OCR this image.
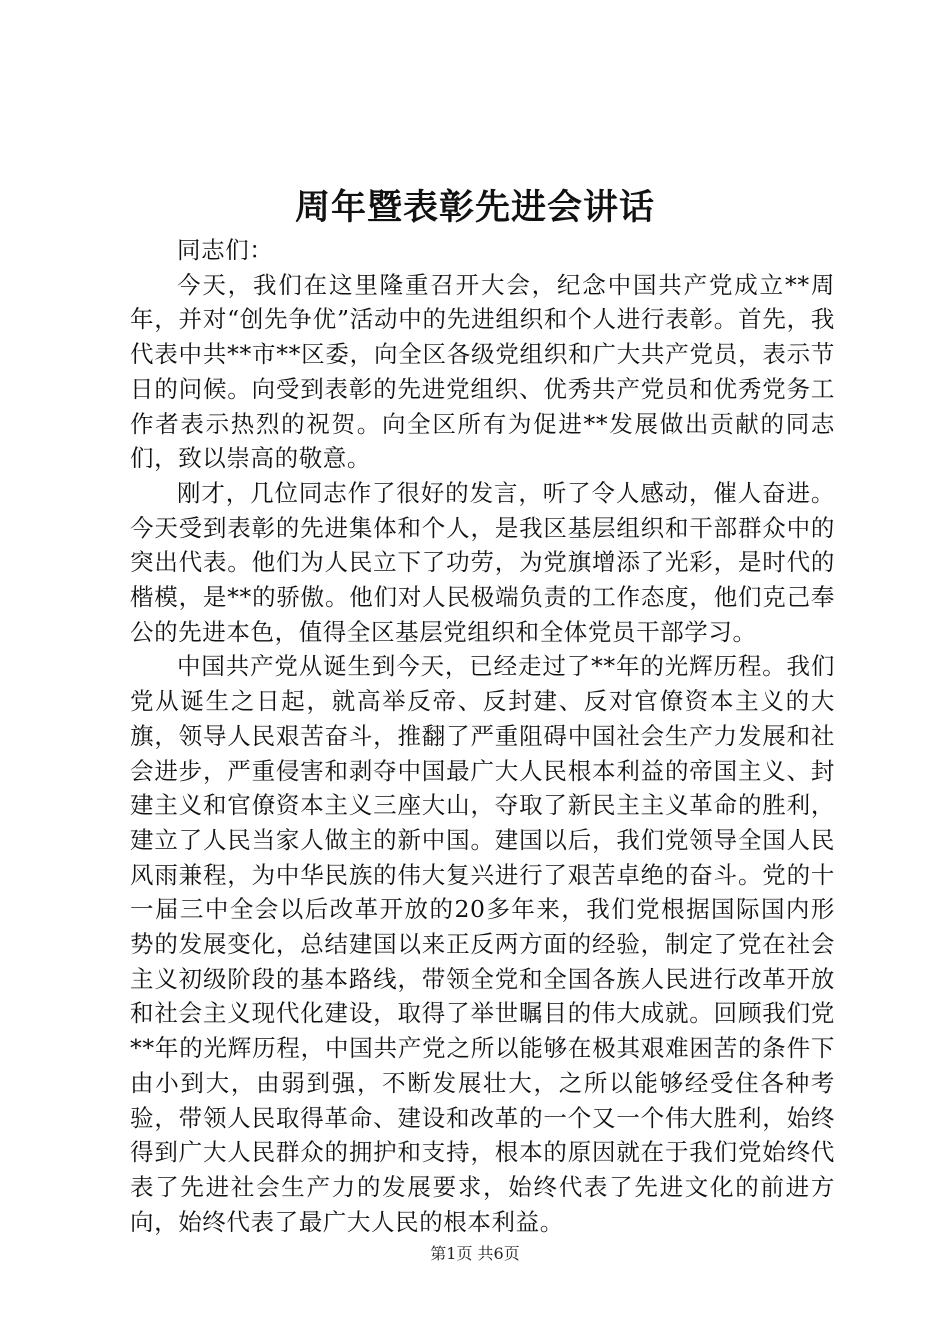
周年暨表彰先进会讲话

同志们：

今天，我们在这里隆重召开大会，纪念中国共产党成立**周年，并对“创先争优”活动中的先进组织和个人进行表彰。首先，我代表中共**市**区委，向全区各级党组织和广大共产党员，表示节日的问候。向受到表彰的先进党组织、优秀共产党员和优秀党务工作者表示热烈的祝贺。向全区所有为促进**发展做出贡献的同志们，致以崇高的敬意。

刚才，几位同志作了很好的发言，听了令人感动，催人奋进。今天受到表彰的先进集体和个人，是我区基层组织和干部群众中的突出代表。他们为人民立下了功劳，为党旗增添了光彩，是时代的楷模，是**的骄傲。他们对人民极端负责的工作态度，他们克己奉公的先进本色，值得全区基层党组织和全体党员干部学习。

中国共产党从诞生到今天，已经走过了**年的光辉历程。我们党从诞生之日起，就高举反帝、反封建、反对官僚资本主义的大旗，领导人民艰苦奋斗，推翻了严重阻碍中国社会生产力发展和社会进步，严重侵害和剥夺中国最广大人民根本利益的帝国主义、封建主义和官僚资本主义三座大山，夺取了新民主主义革命的胜利，建立了人民当家人做主的新中国。建国以后，我们党领导全国人民风雨兼程，为中华民族的伟大复兴进行了艰苦卓绝的奋斗。党的十一届三中全会以后改革开放的20多年来，我们党根据国际国内形势的发展变化，总结建国以来正反两方面的经验，制定了党在社会主义初级阶段的基本路线，带领全党和全国各族人民进行改革开放和社会主义现代化建设，取得了举世瞩目的伟大成就。回顾我们党**年的光辉历程，中国共产党之所以能够在极其艰难困苦的条件下由小到大，由弱到强，不断发展壮大，之所以能够经受住各种考验，带领人民取得革命、建设和改革的一个又一个伟大胜利，始终得到广大人民群众的拥护和支持，根本的原因就在于我们党始终代表了先进社会生产力的发展要求，始终代表了先进文化的前进方向，始终代表了最广大人民的根本利益。

第1页 共6页
